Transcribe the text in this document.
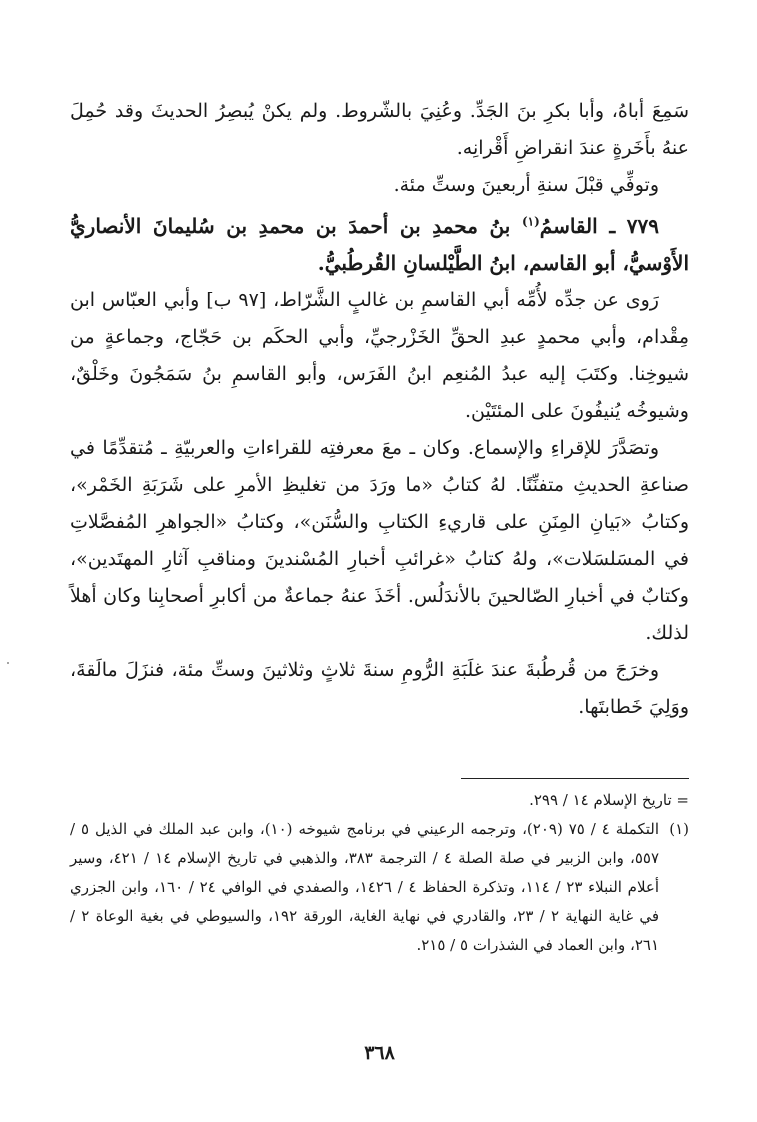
سَمِعَ أباهُ، وأبا بكرِ بنَ الجَدِّ. وعُنِيَ بالشّروط. ولم يكنْ يُبصِرُ الحديثَ وقد حُمِلَ عنهُ بأَخَرةٍ عندَ انقراضِ أَقْرانِه.

وتوفِّي قبْلَ سنةِ أربعينَ وستِّ مئة.

٧٧٩ ـ القاسمُ$^{(١)}$ بنُ محمدِ بن أحمدَ بن محمدِ بن سُليمانَ الأنصاريُّ الأَوْسيُّ، أبو القاسم، ابنُ الطَّيْلسانِ القُرطُبيُّ.

رَوى عن جدِّه لأُمِّه أبي القاسمِ بن غالبٍ الشَّرّاط، [٩٧ ب] وأبي العبّاس ابن مِقْدام، وأبي محمدٍ عبدِ الحقِّ الخَزْرجيِّ، وأبي الحكَم بن حَجّاج، وجماعةٍ من شيوخِنا. وكتَبَ إليه عبدُ المُنعِم ابنُ الفَرَس، وأبو القاسمِ بنُ سَمَجُونَ وخَلْقٌ، وشيوخُه يُنيفُونَ على المئتَيْن.

وتصَدَّرَ للإقراءِ والإسماع. وكان ـ معَ معرفتِه للقراءاتِ والعربيّةِ ـ مُتقدِّمًا في صناعةِ الحديثِ متفنِّنًا. لهُ كتابُ «ما ورَدَ من تغليظِ الأمرِ على شَرَبَةِ الخَمْر»، وكتابُ «بَيانِ المِنَنِ على قاريءِ الكتابِ والسُّنَن»، وكتابُ «الجواهرِ المُفصَّلاتِ في المسَلسَلات»، ولهُ كتابُ «غرائبِ أخبارِ المُسْندينَ ومناقبِ آثارِ المهتَدين»، وكتابٌ في أخبارِ الصّالحينَ بالأندَلُس. أخَذَ عنهُ جماعةٌ من أكابرِ أصحابِنا وكان أهلاً لذلك.

وخرَجَ من قُرطُبةَ عندَ غلَبَةِ الرُّومِ سنةَ ثلاثٍ وثلاثينَ وستِّ مئة، فنزَلَ مالَقةَ، ووَلِيَ خَطابتَها.

= تاريخ الإسلام ١٤ / ٢٩٩.

(١)التكملة ٤ / ٧٥ (٢٠٩)، وترجمه الرعيني في برنامج شيوخه (١٠)، وابن عبد الملك في الذيل ٥ / ٥٥٧، وابن الزبير في صلة الصلة ٤ / الترجمة ٣٨٣، والذهبي في تاريخ الإسلام ١٤ / ٤٢١، وسير أعلام النبلاء ٢٣ / ١١٤، وتذكرة الحفاظ ٤ / ١٤٢٦، والصفدي في الوافي ٢٤ / ١٦٠، وابن الجزري في غاية النهاية ٢ / ٢٣، والقادري في نهاية الغاية، الورقة ١٩٢، والسيوطي في بغية الوعاة ٢ / ٢٦١، وابن العماد في الشذرات ٥ / ٢١٥.

٣٦٨
